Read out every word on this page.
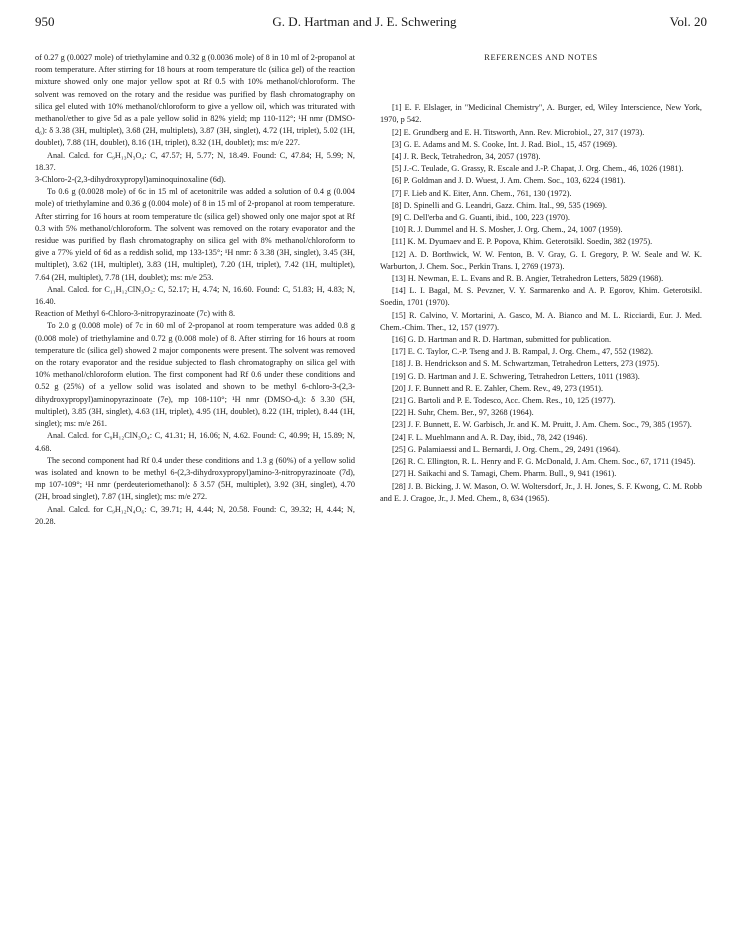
950	G. D. Hartman and J. E. Schwering	Vol. 20

of 0.27 g (0.0027 mole) of triethylamine and 0.32 g (0.0036 mole) of 8 in 10 ml of 2-propanol at room temperature. After stirring for 18 hours at room temperature tlc (silica gel) of the reaction mixture showed only one major yellow spot at Rf 0.5 with 10% methanol/chloroform. The solvent was removed on the rotary and the residue was purified by flash chromatography on silica gel eluted with 10% methanol/chloroform to give a yellow oil, which was triturated with methanol/ether to give 5d as a pale yellow solid in 82% yield; mp 110-112°; ¹H nmr (DMSO-d₆): δ 3.38 (3H, multiplet), 3.68 (2H, multiplets), 3.87 (3H, singlet), 4.72 (1H, triplet), 5.02 (1H, doublet), 7.88 (1H, doublet), 8.16 (1H, triplet), 8.32 (1H, doublet); ms: m/e 227.

Anal. Calcd. for C₉H₁₃N₃O₄: C, 47.57; H, 5.77; N, 18.49. Found: C, 47.84; H, 5.99; N, 18.37.

3-Chloro-2-(2,3-dihydroxypropyl)aminoquinoxaline (6d).

To 0.6 g (0.0028 mole) of 6c in 15 ml of acetonitrile was added a solution of 0.4 g (0.004 mole) of triethylamine and 0.36 g (0.004 mole) of 8 in 15 ml of 2-propanol at room temperature. After stirring for 16 hours at room temperature tlc (silica gel) showed only one major spot at Rf 0.3 with 5% methanol/chloroform. The solvent was removed on the rotary evaporator and the residue was purified by flash chromatography on silica gel with 8% methanol/chloroform to give a 77% yield of 6d as a reddish solid, mp 133-135°; ¹H nmr: δ 3.38 (3H, singlet), 3.45 (3H, multiplet), 3.62 (1H, multiplet), 3.83 (1H, multiplet), 7.20 (1H, triplet), 7.42 (1H, multiplet), 7.64 (2H, multiplet), 7.78 (1H, doublet); ms: m/e 253.

Anal. Calcd. for C₁₁H₁₂ClN₃O₂: C, 52.17; H, 4.74; N, 16.60. Found: C, 51.83; H, 4.83; N, 16.40.

Reaction of Methyl 6-Chloro-3-nitropyrazinoate (7c) with 8.

To 2.0 g (0.008 mole) of 7c in 60 ml of 2-propanol at room temperature was added 0.8 g (0.008 mole) of triethylamine and 0.72 g (0.008 mole) of 8. After stirring for 16 hours at room temperature tlc (silica gel) showed 2 major components were present. The solvent was removed on the rotary evaporator and the residue subjected to flash chromatography on silica gel with 10% methanol/chloroform elution. The first component had Rf 0.6 under these conditions and 0.52 g (25%) of a yellow solid was isolated and shown to be methyl 6-chloro-3-(2,3-dihydroxypropyl)aminopyrazinoate (7e), mp 108-110°; ¹H nmr (DMSO-d₆): δ 3.30 (5H, multiplet), 3.85 (3H, singlet), 4.63 (1H, triplet), 4.95 (1H, doublet), 8.22 (1H, triplet), 8.44 (1H, singlet); ms: m/e 261.

Anal. Calcd. for C₉H₁₂ClN₃O₄: C, 41.31; H, 16.06; N, 4.62. Found: C, 40.99; H, 15.89; N, 4.68.

The second component had Rf 0.4 under these conditions and 1.3 g (60%) of a yellow solid was isolated and known to be methyl 6-(2,3-dihydroxypropyl)amino-3-nitropyrazinoate (7d), mp 107-109°; ¹H nmr (perdeuteriomethanol): δ 3.57 (5H, multiplet), 3.92 (3H, singlet), 4.70 (2H, broad singlet), 7.87 (1H, singlet); ms: m/e 272.

Anal. Calcd. for C₉H₁₂N₄O₆: C, 39.71; H, 4.44; N, 20.58. Found: C, 39.32; H, 4.44; N, 20.28.

REFERENCES AND NOTES

[1] E. F. Elslager, in "Medicinal Chemistry", A. Burger, ed, Wiley Interscience, New York, 1970, p 542.

[2] E. Grundberg and E. H. Titsworth, Ann. Rev. Microbiol., 27, 317 (1973).

[3] G. E. Adams and M. S. Cooke, Int. J. Rad. Biol., 15, 457 (1969).

[4] J. R. Beck, Tetrahedron, 34, 2057 (1978).

[5] J.-C. Teulade, G. Grassy, R. Escale and J.-P. Chapat, J. Org. Chem., 46, 1026 (1981).

[6] P. Goldman and J. D. Wuest, J. Am. Chem. Soc., 103, 6224 (1981).

[7] F. Lieb and K. Eiter, Ann. Chem., 761, 130 (1972).

[8] D. Spinelli and G. Leandri, Gazz. Chim. Ital., 99, 535 (1969).

[9] C. Dell'erba and G. Guanti, ibid., 100, 223 (1970).

[10] R. J. Dummel and H. S. Mosher, J. Org. Chem., 24, 1007 (1959).

[11] K. M. Dyumaev and E. P. Popova, Khim. Geterotsikl. Soedin, 382 (1975).

[12] A. D. Borthwick, W. W. Fenton, B. V. Gray, G. I. Gregory, P. W. Seale and W. K. Warburton, J. Chem. Soc., Perkin Trans. I, 2769 (1973).

[13] H. Newman, E. L. Evans and R. B. Angier, Tetrahedron Letters, 5829 (1968).

[14] L. I. Bagal, M. S. Pevzner, V. Y. Sarmarenko and A. P. Egorov, Khim. Geterotsikl. Soedin, 1701 (1970).

[15] R. Calvino, V. Mortarini, A. Gasco, M. A. Bianco and M. L. Ricciardi, Eur. J. Med. Chem.-Chim. Ther., 12, 157 (1977).

[16] G. D. Hartman and R. D. Hartman, submitted for publication.

[17] E. C. Taylor, C.-P. Tseng and J. B. Rampal, J. Org. Chem., 47, 552 (1982).

[18] J. B. Hendrickson and S. M. Schwartzman, Tetrahedron Letters, 273 (1975).

[19] G. D. Hartman and J. E. Schwering, Tetrahedron Letters, 1011 (1983).

[20] J. F. Bunnett and R. E. Zahler, Chem. Rev., 49, 273 (1951).

[21] G. Bartoli and P. E. Todesco, Acc. Chem. Res., 10, 125 (1977).

[22] H. Suhr, Chem. Ber., 97, 3268 (1964).

[23] J. F. Bunnett, E. W. Garbisch, Jr. and K. M. Pruitt, J. Am. Chem. Soc., 79, 385 (1957).

[24] F. L. Muehlmann and A. R. Day, ibid., 78, 242 (1946).

[25] G. Palamiaessi and L. Bernardi, J. Org. Chem., 29, 2491 (1964).

[26] R. C. Ellington, R. L. Henry and F. G. McDonald, J. Am. Chem. Soc., 67, 1711 (1945).

[27] H. Saikachi and S. Tamagi, Chem. Pharm. Bull., 9, 941 (1961).

[28] J. B. Bicking, J. W. Mason, O. W. Woltersdorf, Jr., J. H. Jones, S. F. Kwong, C. M. Robb and E. J. Cragoe, Jr., J. Med. Chem., 8, 634 (1965).
